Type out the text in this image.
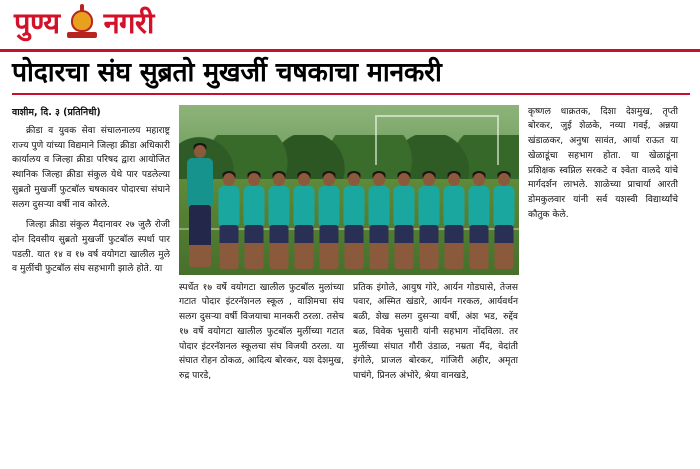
पुण्य नगरी
पोदारचा संघ सुब्रतो मुखर्जी चषकाचा मानकरी
वाशीम, दि. ३ (प्रतिनिधी)

क्रीडा व युवक सेवा संचालनालय महाराष्ट्र राज्य पुणे यांच्या विद्यमाने जिल्हा क्रीडा अधिकारी कार्यालय व जिल्हा क्रीडा परिषद द्वारा आयोजित स्थानिक जिल्हा क्रीडा संकुल येथे पार पडलेल्या सुब्रतो मुखर्जी फुटबॉल चषकावर पोदारचा संघाने सलग दुसऱ्या वर्षी नाव कोरले.

जिल्हा क्रीडा संकुल मैदानावर २७ जुलै रोजी दोन दिवसीय सुब्रतो मुखर्जी फुटबॉल स्पर्धा पार पडली. यात १४ व १७ वर्ष वयोगटा खालील मुले व मुलींची फुटबॉल संघ सहभागी झाले होते. या

स्पर्धेत १७ वर्षे वयोगटा खालील फुटबॉल मुलांच्या गटात पोदार इंटरनॅशनल स्कूल , वाशिमचा संघ सलग दुसऱ्या वर्षी विजयाचा मानकरी ठरला. तसेच १७ वर्षे वयोगटा खालील फुटबॉल मुलींच्या गटात पोदार इंटरनॅशनल स्कूलचा संघ विजयी ठरला. या संघात रोहन ठोकळ, आदित्य बोरकर, यश देशमुख, रुद्र पारडे,

प्रतिक इंगोले, आयुष गोरे, आर्यन गोडघासे, तेजस पवार, अस्मित खंडारे, आर्यन गरकल, आर्यवर्धन बळी, शेख सलग दुसऱ्या वर्षी, अंश भड, रुद्देंव बळ, विवेक भुसारी यांनी सहभाग नोंदविला. तर मुलींच्या संघात गौरी उंडाळ, नम्रता मैंद, वेदांती इंगोले, प्राजल बोरकर, गांजिरी अहीर, अमृता पाचंगे, प्रिनल अंभोरे, श्रेया वानखडे,

कृष्णल धाक्रतक, दिशा देशमुख, तृप्ती बोरकर, जुई शेळके, नव्या गवई, अन्नया खंडाळकर, अनुषा सावंत, आर्या राऊत या खेळाडूंचा सहभाग होता. या खेळाडूंना प्रशिक्षक स्वप्निल सरकटे व श्वेता वालदे यांचे मार्गदर्शन लाभले. शाळेच्या प्राचार्या आरती डोमकुलवार यांनी सर्व यशस्वी विद्यार्थ्यांचे कौतुक केले.
